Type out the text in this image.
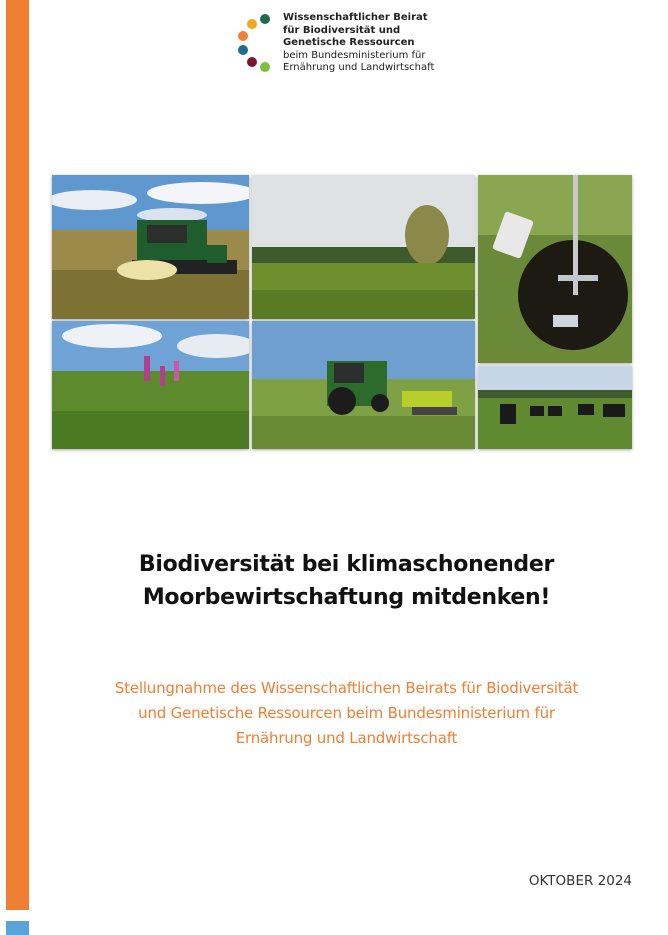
Wissenschaftlicher Beirat
für Biodiversität und
Genetische Ressourcen
beim Bundesministerium für
Ernährung und Landwirtschaft
Biodiversität bei klimaschonender
Moorbewirtschaftung mitdenken!
Stellungnahme des Wissenschaftlichen Beirats für Biodiversität
und Genetische Ressourcen beim Bundesministerium für
Ernährung und Landwirtschaft
OKTOBER 2024
